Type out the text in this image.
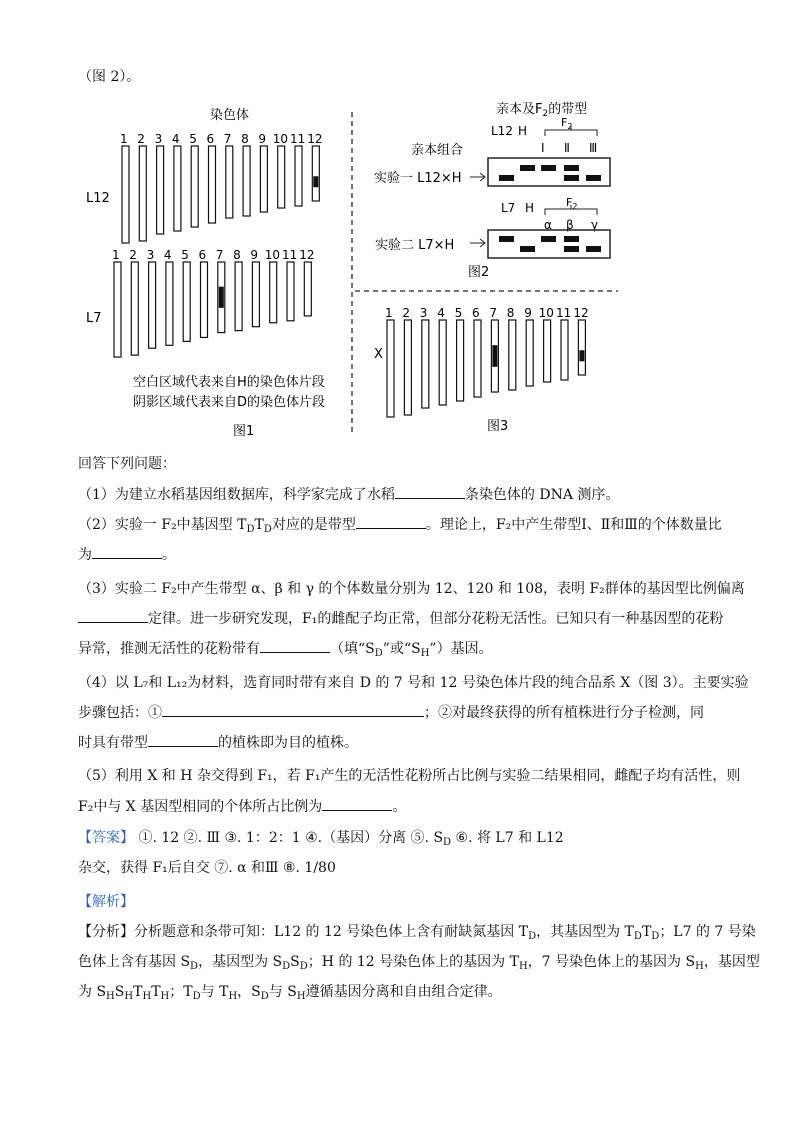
（图 2）。
染色体
L12
L7
1 2 3 4 5 6 7 8 9 10 11 12
1 2 3 4 5 6 7 8 9 10 11 12
空白区域代表来自H的染色体片段
阴影区域代表来自D的染色体片段
图1
亲本及$F_2$的带型
亲本组合
L12 H
$F_2$
Ⅰ Ⅱ Ⅲ
实验一 L12×H
L7 H	$F_2$
α β γ
实验二 L7×H
图2
X
1 2 3 4 5 6 7 8 9 10 11 12
图3
回答下列问题：
（1）为建立水稻基因组数据库，科学家完成了水稻	条染色体的 DNA 测序。
（2）实验一 F₂中基因型 $T_DT_D$对应的是带型	。理论上，F₂中产生带型Ⅰ、Ⅱ和Ⅲ的个体数量比
为	。
（3）实验二 F₂中产生带型 α、β 和 γ 的个体数量分别为 12、120 和 108，表明 F₂群体的基因型比例偏离
定律。进一步研究发现，F₁的雌配子均正常，但部分花粉无活性。已知只有一种基因型的花粉
异常，推测无活性的花粉带有	（填“$S_D$”或“$S_H$”）基因。
（4）以 L₇和 L₁₂为材料，选育同时带有来自 D 的 7 号和 12 号染色体片段的纯合品系 X（图 3）。主要实验
步骤包括：①	；②对最终获得的所有植株进行分子检测，同
时具有带型	的植株即为目的植株。
（5）利用 X 和 H 杂交得到 F₁，若 F₁产生的无活性花粉所占比例与实验二结果相同，雌配子均有活性，则
F₂中与 X 基因型相同的个体所占比例为	。
【答案】 ①. 12 ②. Ⅲ ③. 1：2：1 ④.（基因）分离 ⑤. $S_D$ ⑥. 将 L7 和 L12
杂交，获得 F₁后自交 ⑦. α 和Ⅲ ⑧. 1/80
【解析】
【分析】分析题意和条带可知：L12 的 12 号染色体上含有耐缺氮基因 $T_D$，其基因型为 $T_DT_D$；L7 的 7 号染
色体上含有基因 $S_D$，基因型为 $S_DS_D$；H 的 12 号染色体上的基因为 $T_H$，7 号染色体上的基因为 $S_H$，基因型
为 $S_HS_HT_HT_H$；$T_D$与 $T_H$，$S_D$与 $S_H$遵循基因分离和自由组合定律。
